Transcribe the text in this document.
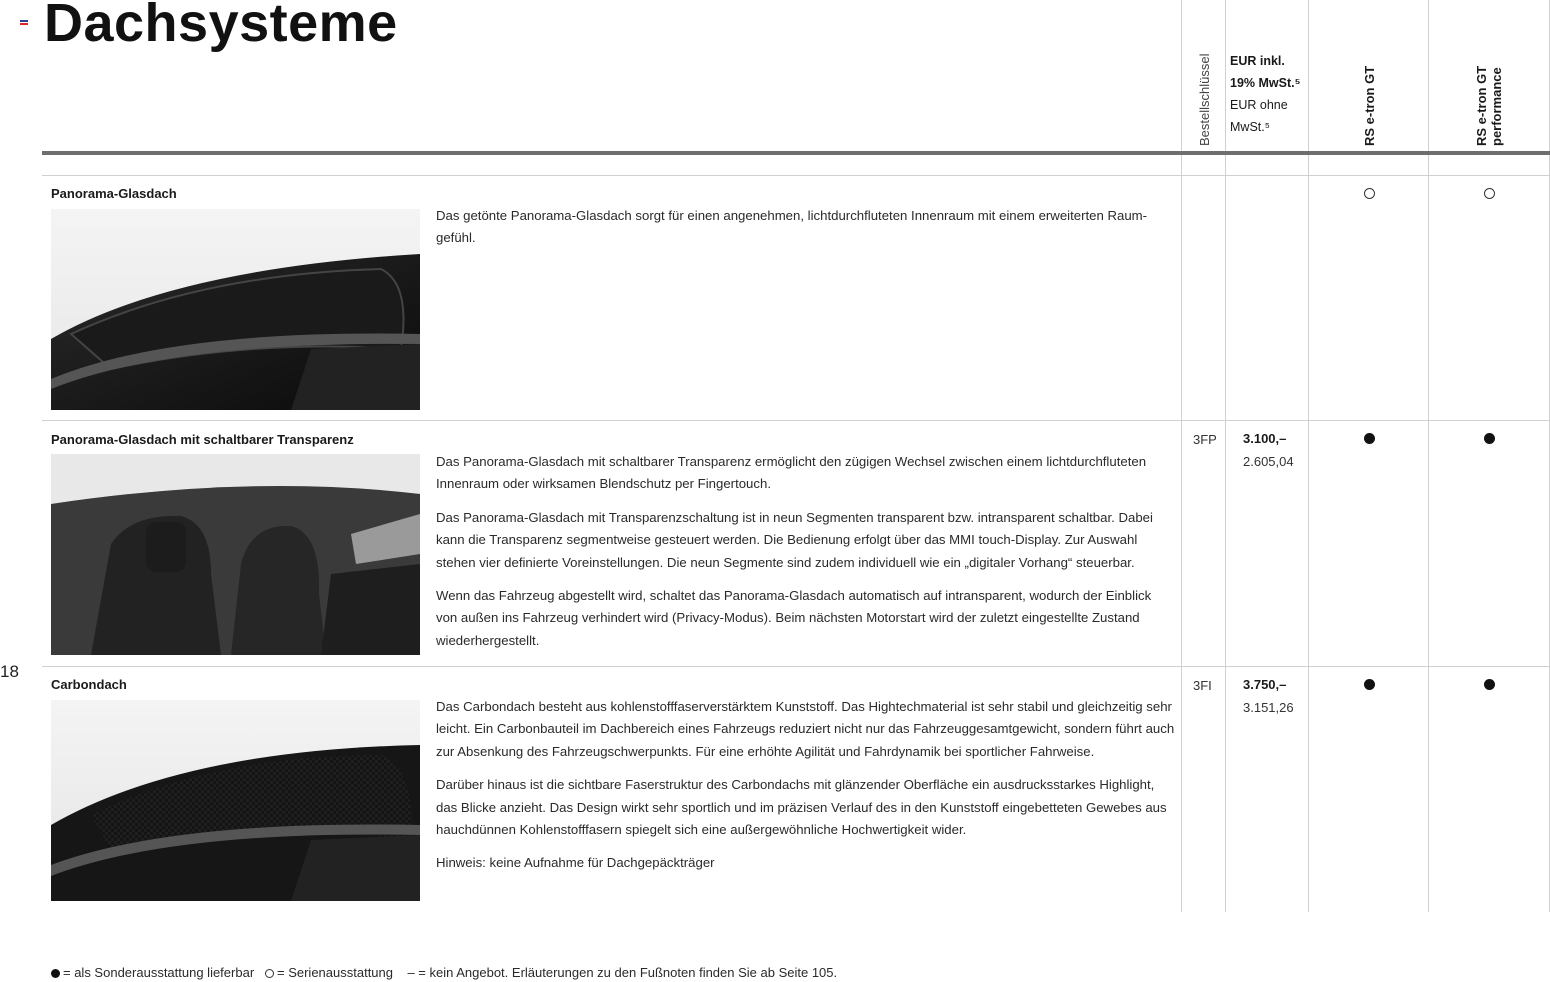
Dachsysteme
18
Bestellschlüssel EUR inkl.
19% MwSt.⁵
EUR ohne
MwSt.⁵	RS e-tron GT	RS e-tron GT performance
Panorama-Glasdach

Das getönte Panorama-Glasdach sorgt für einen angenehmen, lichtdurchfluteten Innenraum mit einem erweiterten Raum-gefühl.

Panorama-Glasdach mit schaltbarer Transparenz

Das Panorama-Glasdach mit schaltbarer Transparenz ermöglicht den zügigen Wechsel zwischen einem lichtdurchfluteten Innenraum oder wirksamen Blendschutz per Fingertouch.

Das Panorama-Glasdach mit Transparenzschaltung ist in neun Segmenten transparent bzw. intransparent schaltbar. Dabei kann die Transparenz segmentweise gesteuert werden. Die Bedienung erfolgt über das MMI touch-Display. Zur Auswahl stehen vier definierte Voreinstellungen. Die neun Segmente sind zudem individuell wie ein „digitaler Vorhang“ steuerbar.

Wenn das Fahrzeug abgestellt wird, schaltet das Panorama-Glasdach automatisch auf intransparent, wodurch der Einblick von außen ins Fahrzeug verhindert wird (Privacy-Modus). Beim nächsten Motorstart wird der zuletzt eingestellte Zustand wiederhergestellt.

3FP 3.100,–
2.605,04
Carbondach

Das Carbondach besteht aus kohlenstofffaserverstärktem Kunststoff. Das Hightechmaterial ist sehr stabil und gleichzeitig sehr leicht. Ein Carbonbauteil im Dachbereich eines Fahrzeugs reduziert nicht nur das Fahrzeuggesamtgewicht, sondern führt auch zur Absenkung des Fahrzeugschwerpunkts. Für eine erhöhte Agilität und Fahrdynamik bei sportlicher Fahrweise.

Darüber hinaus ist die sichtbare Faserstruktur des Carbondachs mit glänzender Oberfläche ein ausdrucksstarkes Highlight, das Blicke anzieht. Das Design wirkt sehr sportlich und im präzisen Verlauf des in den Kunststoff eingebetteten Gewebes aus hauchdünnen Kohlenstofffasern spiegelt sich eine außergewöhnliche Hochwertigkeit wider.

Hinweis: keine Aufnahme für Dachgepäckträger

3FI 3.750,–
3.151,26
= als Sonderausstattung lieferbar = Serienausstattung – = kein Angebot. Erläuterungen zu den Fußnoten finden Sie ab Seite 105.
